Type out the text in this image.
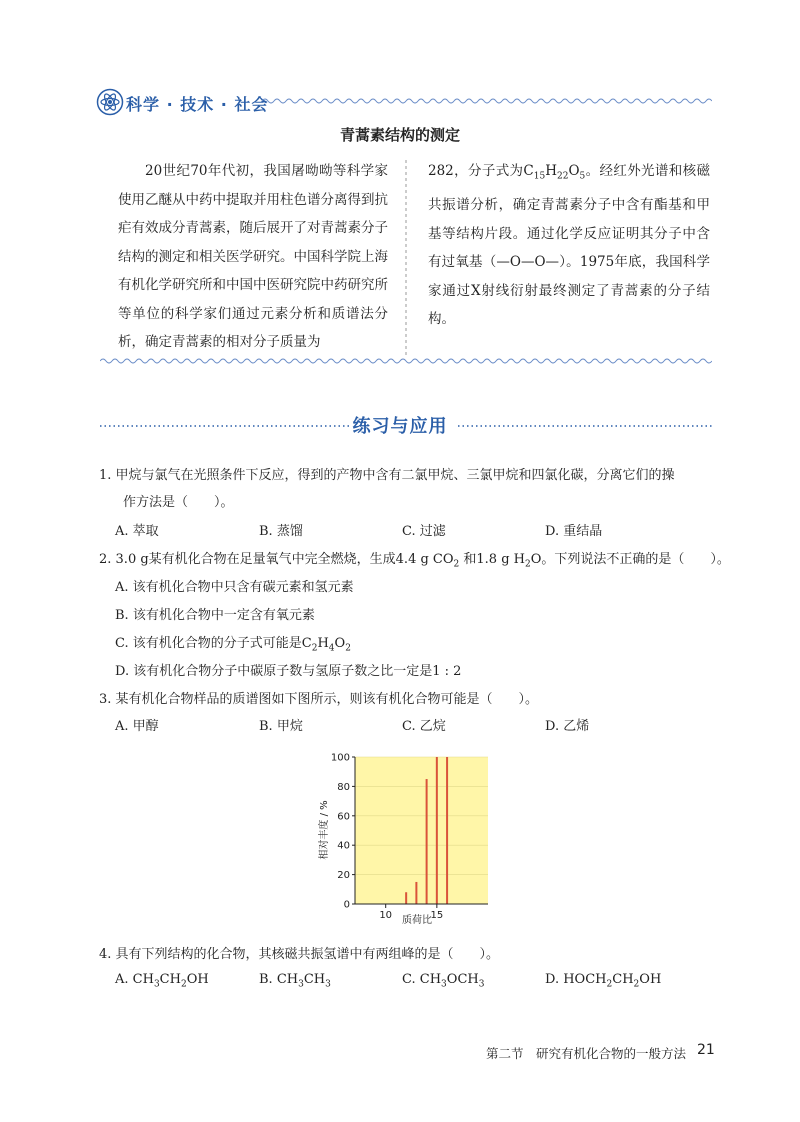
科学 · 技术 · 社会
青蒿素结构的测定

20世纪70年代初，我国屠呦呦等科学家使用乙醚从中药中提取并用柱色谱分离得到抗疟有效成分青蒿素，随后展开了对青蒿素分子结构的测定和相关医学研究。中国科学院上海有机化学研究所和中国中医研究院中药研究所等单位的科学家们通过元素分析和质谱法分析，确定青蒿素的相对分子质量为

282，分子式为$C_{15}H_{22}O_5$。经红外光谱和核磁共振谱分析，确定青蒿素分子中含有酯基和甲基等结构片段。通过化学反应证明其分子中含有过氧基（—O—O—）。1975年底，我国科学家通过X射线衍射最终测定了青蒿素的分子结构。

练习与应用
1. 甲烷与氯气在光照条件下反应，得到的产物中含有二氯甲烷、三氯甲烷和四氯化碳，分离它们的操
作方法是（　　）。
A. 萃取	B. 蒸馏	C. 过滤	D. 重结晶
2. 3.0 g某有机化合物在足量氧气中完全燃烧，生成4.4 g $CO_2$ 和1.8 g $H_2O$。下列说法不正确的是（　　）。
A. 该有机化合物中只含有碳元素和氢元素
B. 该有机化合物中一定含有氧元素
C. 该有机化合物的分子式可能是$C_2H_4O_2$
D. 该有机化合物分子中碳原子数与氢原子数之比一定是1 : 2
3. 某有机化合物样品的质谱图如下图所示，则该有机化合物可能是（　　）。
A. 甲醇	B. 甲烷	C. 乙烷	D. 乙烯
0
20
40
60
80
100
10	15
质荷比
相对丰度 / %
4. 具有下列结构的化合物，其核磁共振氢谱中有两组峰的是（　　）。
A. $CH_3CH_2OH$	B. $CH_3CH_3$	C. $CH_3OCH_3$	D. $HOCH_2CH_2OH$
第二节　研究有机化合物的一般方法 21
